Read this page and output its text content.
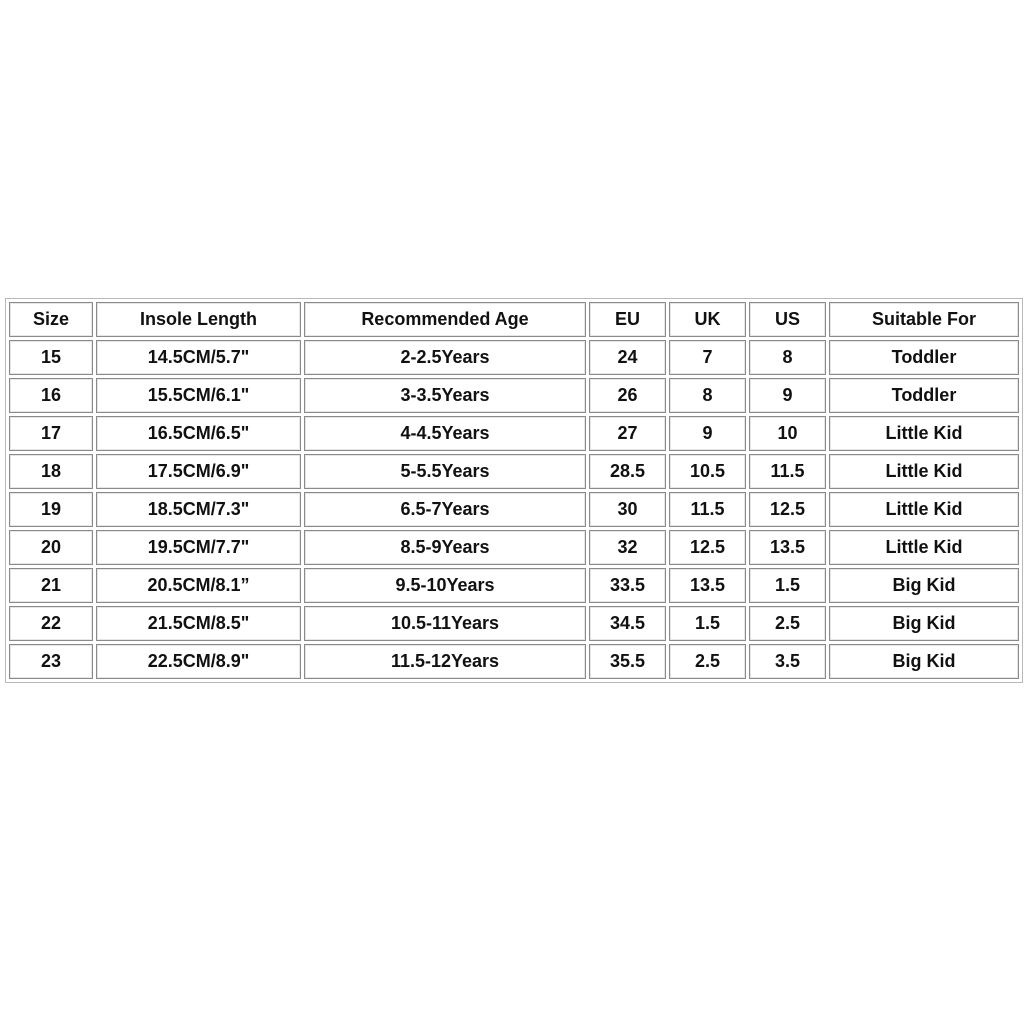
Size	Insole Length	Recommended Age	EU	UK	US	Suitable For
15	14.5CM/5.7"	2-2.5Years	24	7	8	Toddler
16	15.5CM/6.1"	3-3.5Years	26	8	9	Toddler
17	16.5CM/6.5"	4-4.5Years	27	9	10	Little Kid
18	17.5CM/6.9"	5-5.5Years	28.5	10.5	11.5	Little Kid
19	18.5CM/7.3"	6.5-7Years	30	11.5	12.5	Little Kid
20	19.5CM/7.7"	8.5-9Years	32	12.5	13.5	Little Kid
21	20.5CM/8.1”	9.5-10Years	33.5	13.5	1.5	Big Kid
22	21.5CM/8.5"	10.5-11Years	34.5	1.5	2.5	Big Kid
23	22.5CM/8.9"	11.5-12Years	35.5	2.5	3.5	Big Kid
